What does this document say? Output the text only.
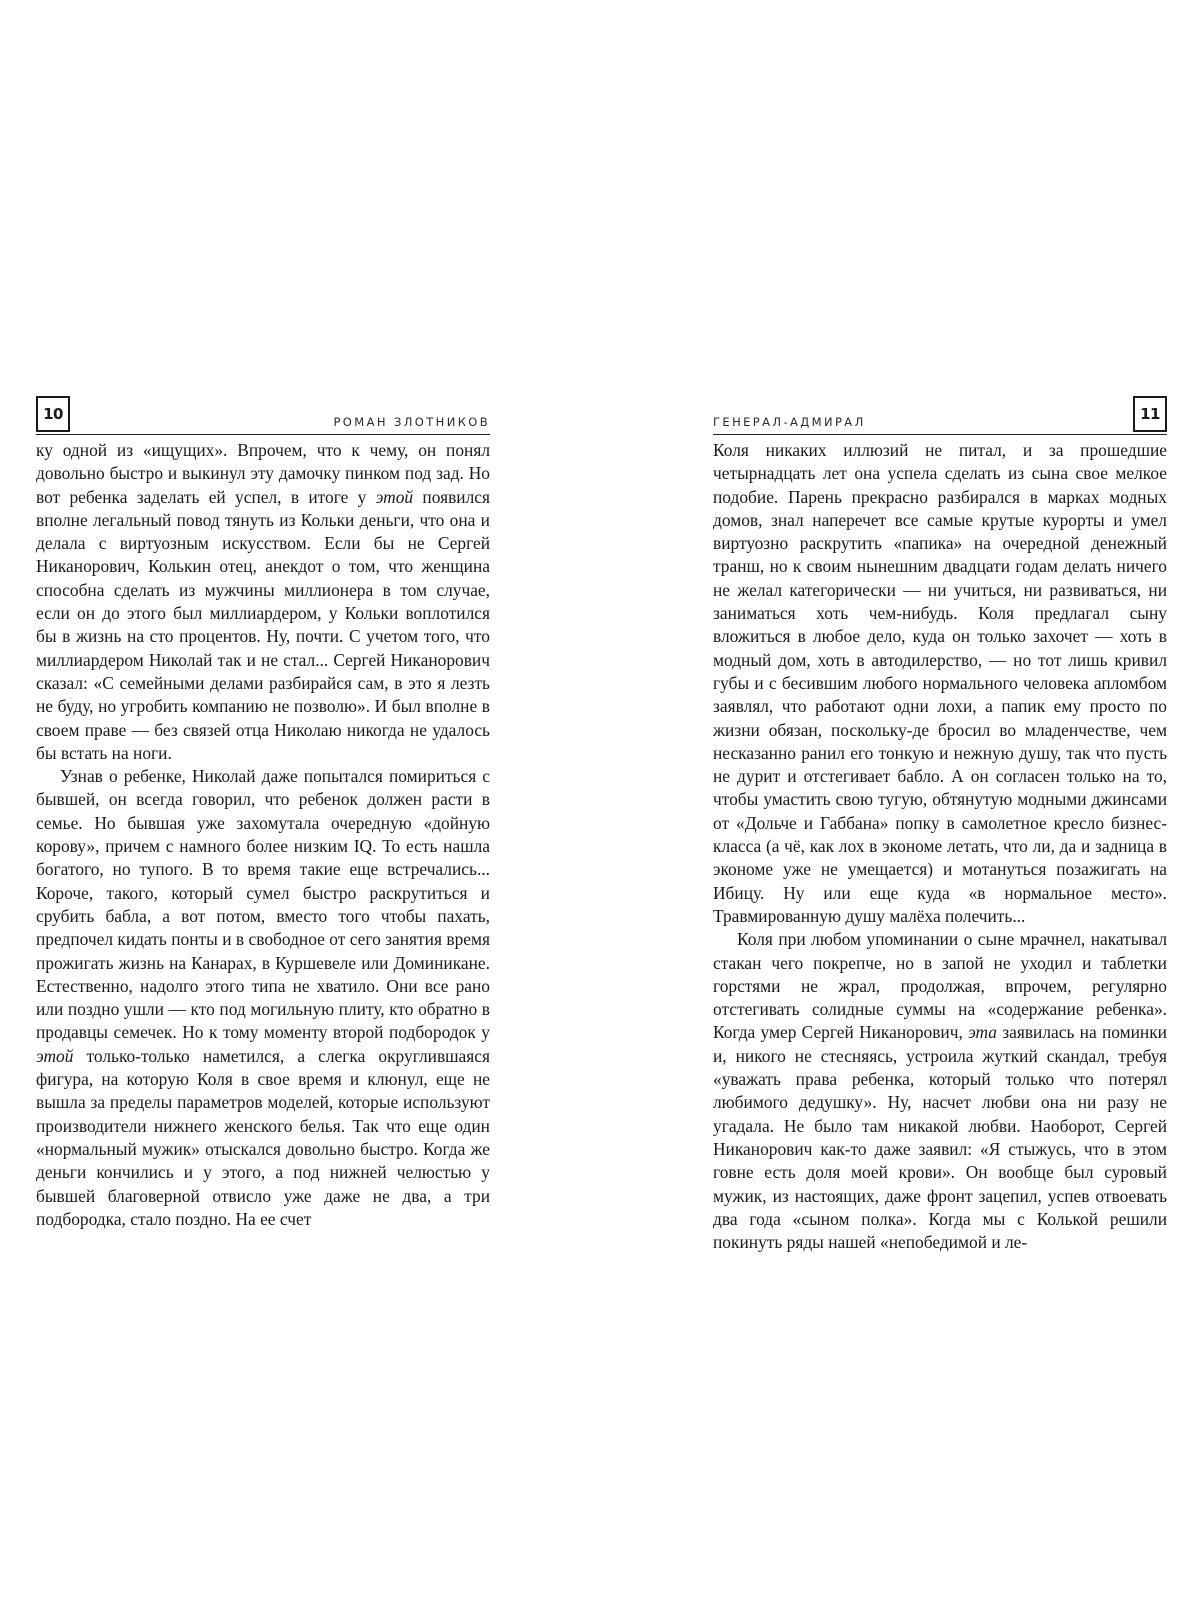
10	РОМАН ЗЛОТНИКОВ

ку одной из «ищущих». Впрочем, что к чему, он понял довольно быстро и выкинул эту дамочку пинком под зад. Но вот ребенка заделать ей успел, в итоге у этой появился вполне легальный повод тянуть из Кольки деньги, что она и делала с виртуозным искусством. Если бы не Сергей Никанорович, Колькин отец, анекдот о том, что женщина способна сделать из мужчины миллионера в том случае, если он до этого был миллиардером, у Кольки воплотился бы в жизнь на сто процентов. Ну, почти. С учетом того, что миллиардером Николай так и не стал... Сергей Никанорович сказал: «С семейными делами разбирайся сам, в это я лезть не буду, но угробить компанию не позволю». И был вполне в своем праве — без связей отца Николаю никогда не удалось бы встать на ноги.

Узнав о ребенке, Николай даже попытался помириться с бывшей, он всегда говорил, что ребенок должен расти в семье. Но бывшая уже захомутала очередную «дойную корову», причем с намного более низким IQ. То есть нашла богатого, но тупого. В то время такие еще встречались... Короче, такого, который сумел быстро раскрутиться и срубить бабла, а вот потом, вместо того чтобы пахать, предпочел кидать понты и в свободное от сего занятия время прожигать жизнь на Канарах, в Куршевеле или Доминикане. Естественно, надолго этого типа не хватило. Они все рано или поздно ушли — кто под могильную плиту, кто обратно в продавцы семечек. Но к тому моменту второй подбородок у этой только-только наметился, а слегка округлившаяся фигура, на которую Коля в свое время и клюнул, еще не вышла за пределы параметров моделей, которые используют производители нижнего женского белья. Так что еще один «нормальный мужик» отыскался довольно быстро. Когда же деньги кончились и у этого, а под нижней челюстью у бывшей благоверной отвисло уже даже не два, а три подбородка, стало поздно. На ее счет

ГЕНЕРАЛ-АДМИРАЛ	11

Коля никаких иллюзий не питал, и за прошедшие четырнадцать лет она успела сделать из сына свое мелкое подобие. Парень прекрасно разбирался в марках модных домов, знал наперечет все самые крутые курорты и умел виртуозно раскрутить «папика» на очередной денежный транш, но к своим нынешним двадцати годам делать ничего не желал категорически — ни учиться, ни развиваться, ни заниматься хоть чем-нибудь. Коля предлагал сыну вложиться в любое дело, куда он только захочет — хоть в модный дом, хоть в автодилерство, — но тот лишь кривил губы и с бесившим любого нормального человека апломбом заявлял, что работают одни лохи, а папик ему просто по жизни обязан, поскольку-де бросил во младенчестве, чем несказанно ранил его тонкую и нежную душу, так что пусть не дурит и отстегивает бабло. А он согласен только на то, чтобы умастить свою тугую, обтянутую модными джинсами от «Дольче и Габбана» попку в самолетное кресло бизнес-класса (а чё, как лох в экономе летать, что ли, да и задница в экономе уже не умещается) и мотануться позажигать на Ибицу. Ну или еще куда «в нормальное место». Травмированную душу малёха полечить...

Коля при любом упоминании о сыне мрачнел, накатывал стакан чего покрепче, но в запой не уходил и таблетки горстями не жрал, продолжая, впрочем, регулярно отстегивать солидные суммы на «содержание ребенка». Когда умер Сергей Никанорович, эта заявилась на поминки и, никого не стесняясь, устроила жуткий скандал, требуя «уважать права ребенка, который только что потерял любимого дедушку». Ну, насчет любви она ни разу не угадала. Не было там никакой любви. Наоборот, Сергей Никанорович как-то даже заявил: «Я стыжусь, что в этом говне есть доля моей крови». Он вообще был суровый мужик, из настоящих, даже фронт зацепил, успев отвоевать два года «сыном полка». Когда мы с Колькой решили покинуть ряды нашей «непобедимой и ле-
